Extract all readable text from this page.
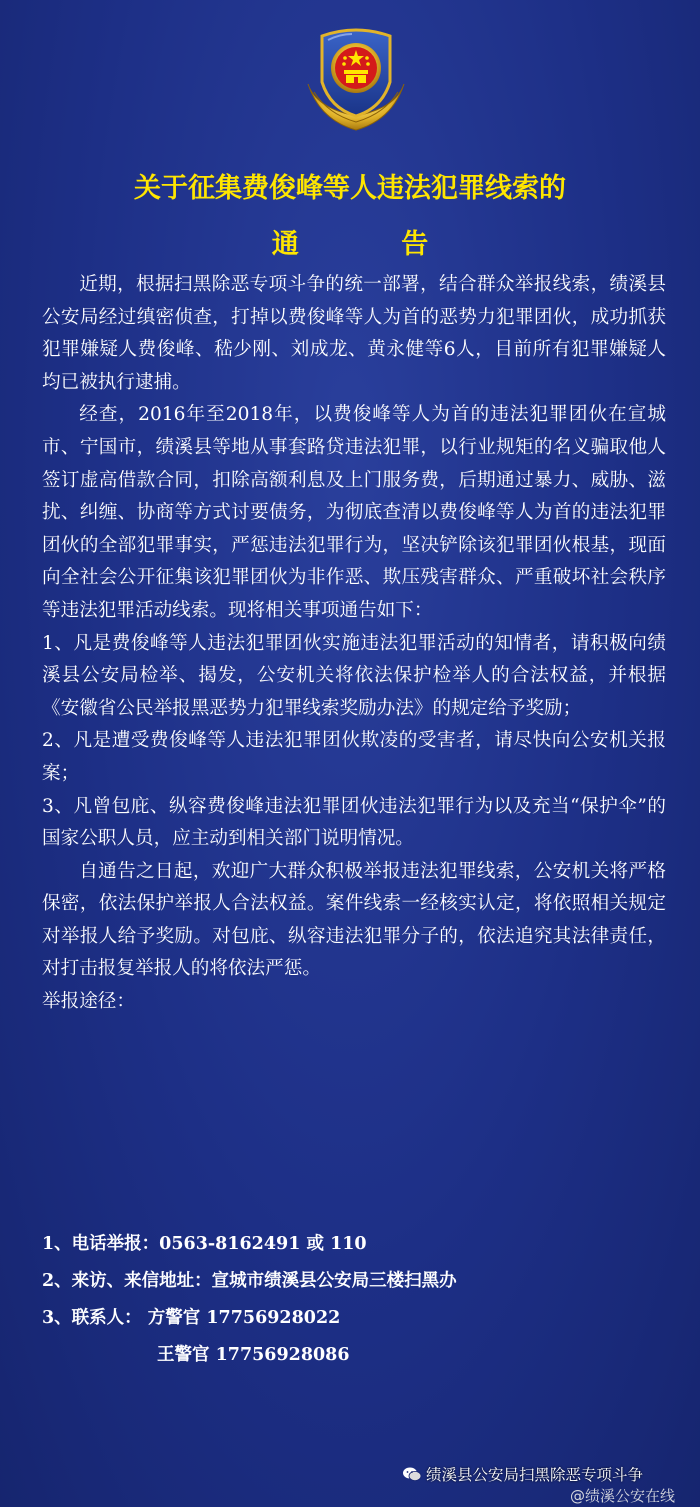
关于征集费俊峰等人违法犯罪线索的
通	告

近期，根据扫黑除恶专项斗争的统一部署，结合群众举报线索，绩溪县公安局经过缜密侦查，打掉以费俊峰等人为首的恶势力犯罪团伙，成功抓获犯罪嫌疑人费俊峰、嵇少刚、刘成龙、黄永健等6人，目前所有犯罪嫌疑人均已被执行逮捕。

经查，2016年至2018年，以费俊峰等人为首的违法犯罪团伙在宣城市、宁国市，绩溪县等地从事套路贷违法犯罪，以行业规矩的名义骗取他人签订虚高借款合同，扣除高额利息及上门服务费，后期通过暴力、威胁、滋扰、纠缠、协商等方式讨要债务，为彻底查清以费俊峰等人为首的违法犯罪团伙的全部犯罪事实，严惩违法犯罪行为，坚决铲除该犯罪团伙根基，现面向全社会公开征集该犯罪团伙为非作恶、欺压残害群众、严重破坏社会秩序等违法犯罪活动线索。现将相关事项通告如下：

1、凡是费俊峰等人违法犯罪团伙实施违法犯罪活动的知情者，请积极向绩溪县公安局检举、揭发，公安机关将依法保护检举人的合法权益，并根据《安徽省公民举报黑恶势力犯罪线索奖励办法》的规定给予奖励；

2、凡是遭受费俊峰等人违法犯罪团伙欺凌的受害者，请尽快向公安机关报案；

3、凡曾包庇、纵容费俊峰违法犯罪团伙违法犯罪行为以及充当“保护伞”的国家公职人员，应主动到相关部门说明情况。

自通告之日起，欢迎广大群众积极举报违法犯罪线索，公安机关将严格保密，依法保护举报人合法权益。案件线索一经核实认定，将依照相关规定对举报人给予奖励。对包庇、纵容违法犯罪分子的，依法追究其法律责任，对打击报复举报人的将依法严惩。

举报途径：

1、电话举报：0563-8162491 或 110
2、来访、来信地址：宣城市绩溪县公安局三楼扫黑办
3、联系人： 方警官 17756928022
王警官 17756928086
绩溪县公安局扫黑除恶专项斗争
@绩溪公安在线
